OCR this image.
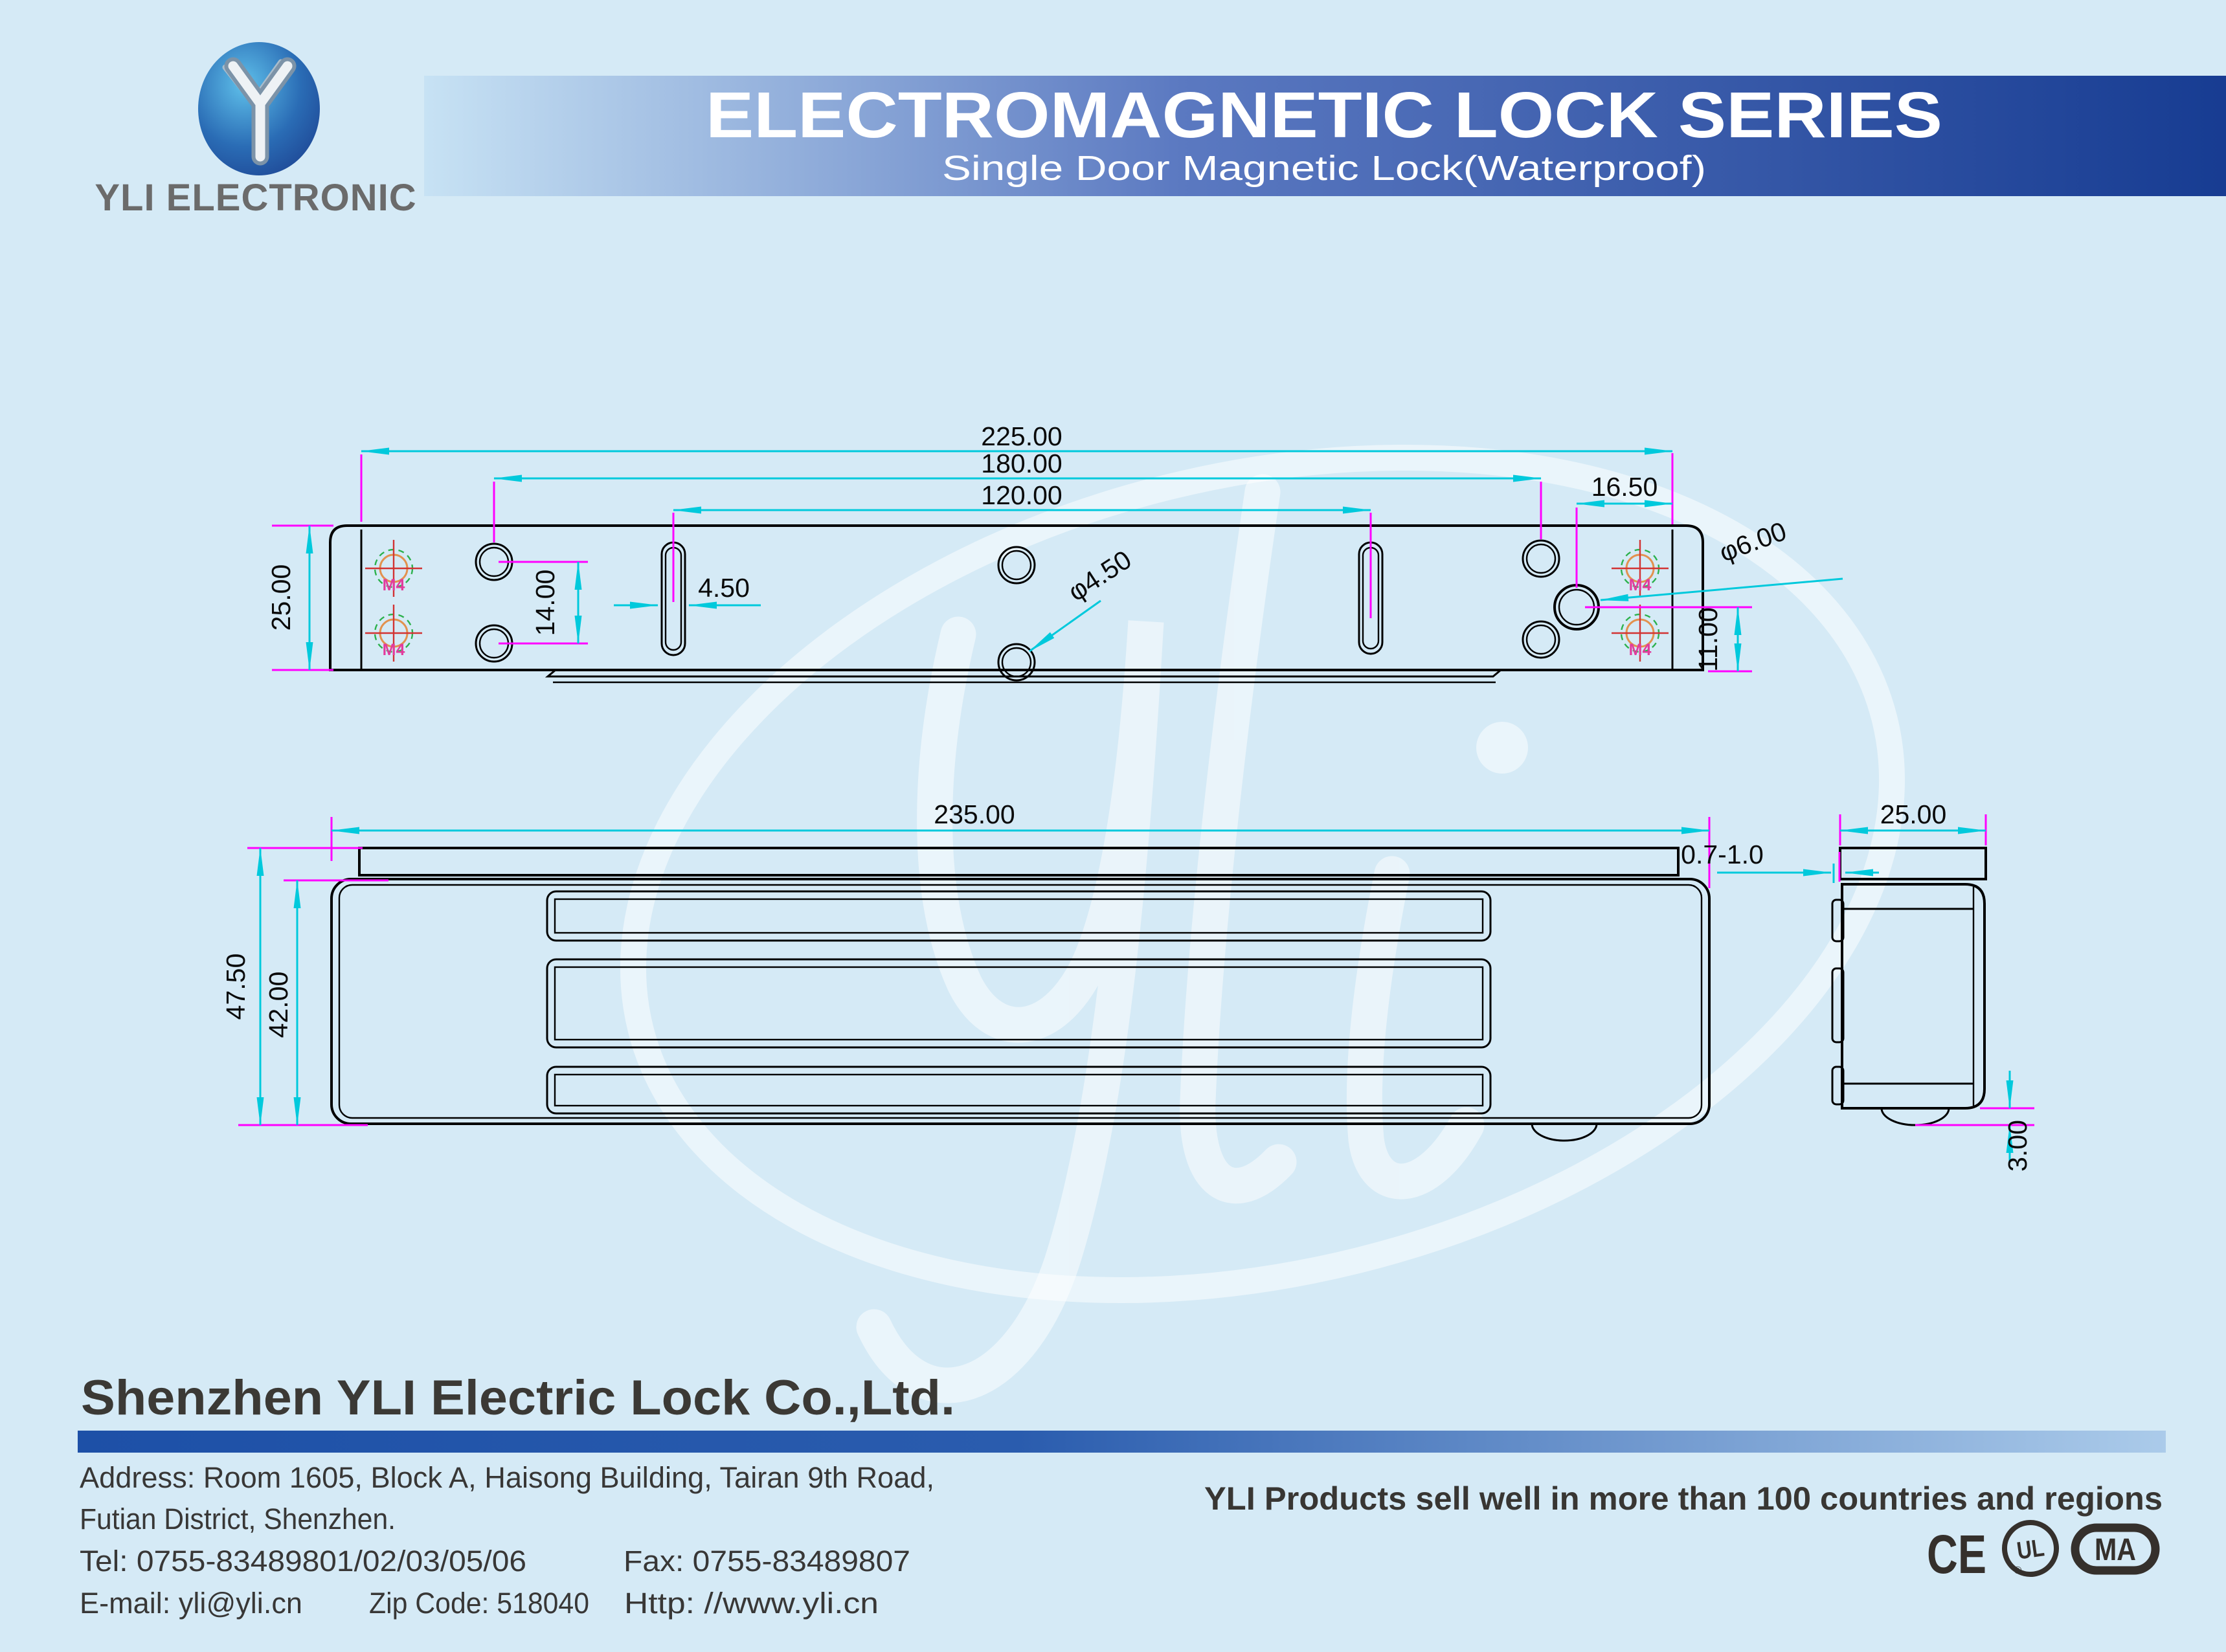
YLI ELECTRONIC
ELECTROMAGNETIC LOCK SERIES
Single Door Magnetic Lock(Waterproof)
M4
M4
M4
M4
225.00
180.00
120.00	16.50
25.00	14.00	4.50	φ4.50
φ6.00
11.00
235.00
47.50 42.00
25.00
0.7-1.0
3.00
Shenzhen YLI Electric Lock Co.,Ltd.
Address: Room 1605, Block A, Haisong Building, Tairan 9th Road,
Futian District, Shenzhen.
Tel: 0755-83489801/02/03/05/06	Fax: 0755-83489807
E-mail: yli@yli.cn Zip Code: 518040 Http: //www.yli.cn
YLI Products sell well in more than 100 countries and regions
CE UL
®
MA
